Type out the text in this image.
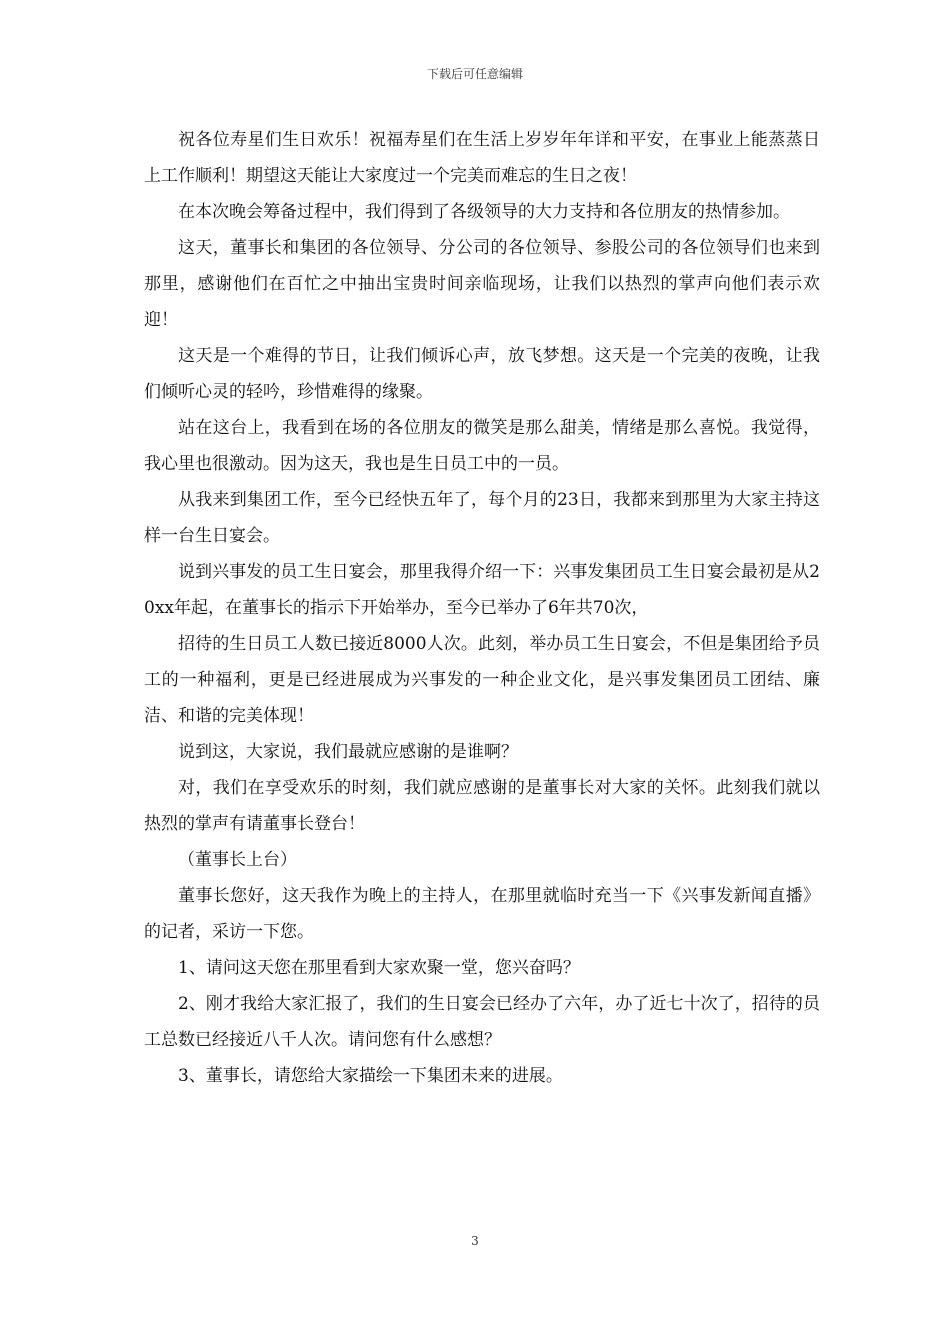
下载后可任意编辑

祝各位寿星们生日欢乐！祝福寿星们在生活上岁岁年年详和平安，在事业上能蒸蒸日上工作顺利！期望这天能让大家度过一个完美而难忘的生日之夜！

在本次晚会筹备过程中，我们得到了各级领导的大力支持和各位朋友的热情参加。

这天，董事长和集团的各位领导、分公司的各位领导、参股公司的各位领导们也来到那里，感谢他们在百忙之中抽出宝贵时间亲临现场，让我们以热烈的掌声向他们表示欢迎！

这天是一个难得的节日，让我们倾诉心声，放飞梦想。这天是一个完美的夜晚，让我们倾听心灵的轻吟，珍惜难得的缘聚。

站在这台上，我看到在场的各位朋友的微笑是那么甜美，情绪是那么喜悦。我觉得，我心里也很激动。因为这天，我也是生日员工中的一员。

从我来到集团工作，至今已经快五年了，每个月的23日，我都来到那里为大家主持这样一台生日宴会。

说到兴事发的员工生日宴会，那里我得介绍一下：兴事发集团员工生日宴会最初是从20xx年起，在董事长的指示下开始举办，至今已举办了6年共70次，

招待的生日员工人数已接近8000人次。此刻，举办员工生日宴会，不但是集团给予员工的一种福利，更是已经进展成为兴事发的一种企业文化，是兴事发集团员工团结、廉洁、和谐的完美体现！

说到这，大家说，我们最就应感谢的是谁啊？

对，我们在享受欢乐的时刻，我们就应感谢的是董事长对大家的关怀。此刻我们就以热烈的掌声有请董事长登台！

（董事长上台）

董事长您好，这天我作为晚上的主持人，在那里就临时充当一下《兴事发新闻直播》的记者，采访一下您。

1、请问这天您在那里看到大家欢聚一堂，您兴奋吗？

2、刚才我给大家汇报了，我们的生日宴会已经办了六年，办了近七十次了，招待的员工总数已经接近八千人次。请问您有什么感想？

3、董事长，请您给大家描绘一下集团未来的进展。

3
